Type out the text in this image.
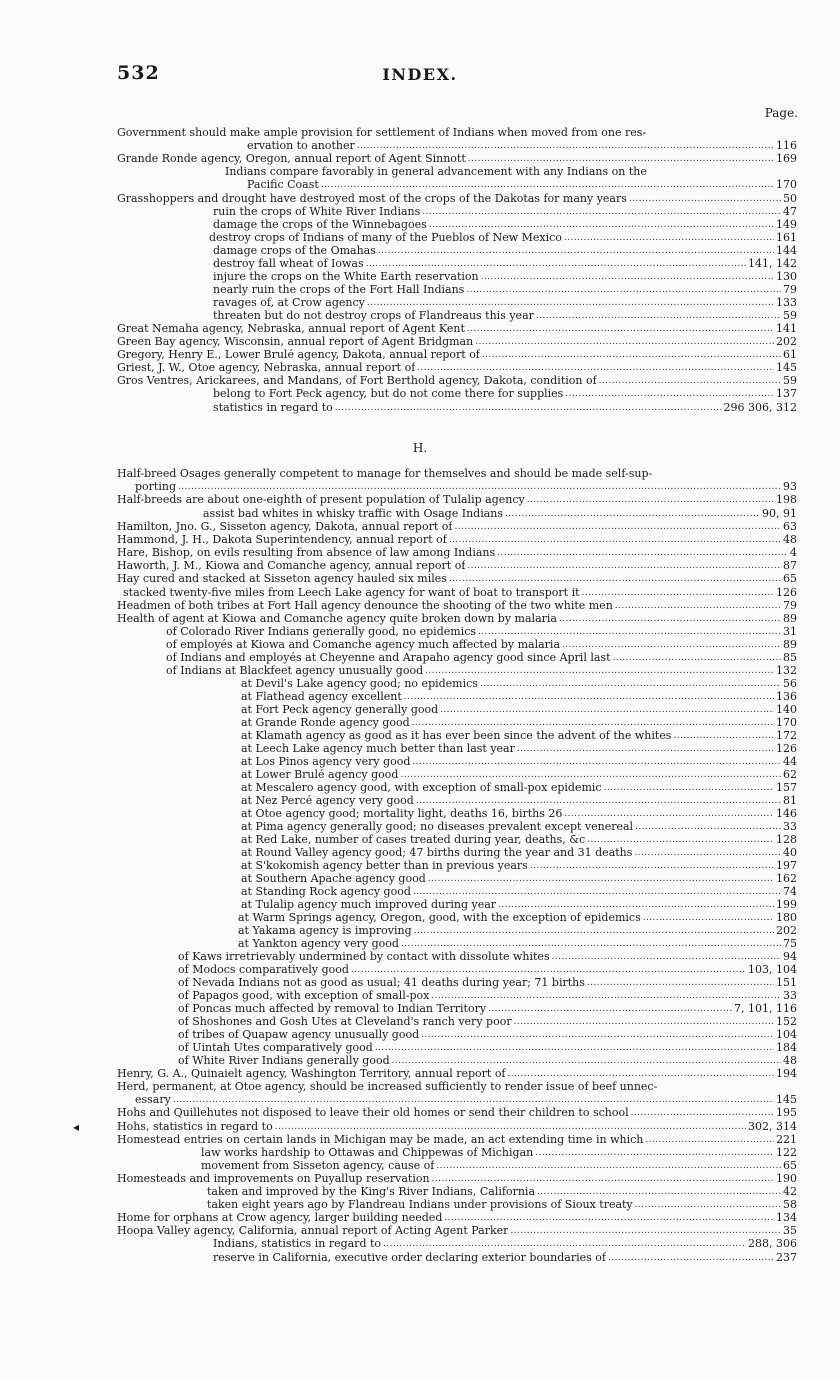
532	INDEX.
Page.
H.
◂
Government should make ample provision for settlement of Indians when moved from one res-
ervation to another .....	116
Grande Ronde agency, Oregon, annual report of Agent Sinnott .....	169
Indians compare favorably in general advancement with any Indians on the
Pacific Coast .....	170
Grasshoppers and drought have destroyed most of the crops of the Dakotas for many years .....	50
ruin the crops of White River Indians .....	47
damage the crops of the Winnebagoes .....	149
destroy crops of Indians of many of the Pueblos of New Mexico .....	161
damage crops of the Omahas .....	144
destroy fall wheat of Iowas .....	141, 142
injure the crops on the White Earth reservation .....	130
nearly ruin the crops of the Fort Hall Indians .....	79
ravages of, at Crow agency .....	133
threaten but do not destroy crops of Flandreaus this year .....	59
Great Nemaha agency, Nebraska, annual report of Agent Kent .....	141
Green Bay agency, Wisconsin, annual report of Agent Bridgman .....	202
Gregory, Henry E., Lower Brulé agency, Dakota, annual report of .....	61
Griest, J. W., Otoe agency, Nebraska, annual report of .....	145
Gros Ventres, Arickarees, and Mandans, of Fort Berthold agency, Dakota, condition of .....	59
belong to Fort Peck agency, but do not come there for supplies .....	137
statistics in regard to .....	296 306, 312
Half-breed Osages generally competent to manage for themselves and should be made self-sup-
porting .....	93
Half-breeds are about one-eighth of present population of Tulalip agency .....	198
assist bad whites in whisky traffic with Osage Indians .....	90, 91
Hamilton, Jno. G., Sisseton agency, Dakota, annual report of .....	63
Hammond, J. H., Dakota Superintendency, annual report of .....	48
Hare, Bishop, on evils resulting from absence of law among Indians .....	4
Haworth, J. M., Kiowa and Comanche agency, annual report of .....	87
Hay cured and stacked at Sisseton agency hauled six miles .....	65
stacked twenty-five miles from Leech Lake agency for want of boat to transport it .....	126
Headmen of both tribes at Fort Hall agency denounce the shooting of the two white men .....	79
Health of agent at Kiowa and Comanche agency quite broken down by malaria .....	89
of Colorado River Indians generally good, no epidemics .....	31
of employés at Kiowa and Comanche agency much affected by malaria .....	89
of Indians and employés at Cheyenne and Arapaho agency good since April last .....	85
of Indians at Blackfeet agency unusually good .....	132
at Devil's Lake agency good; no epidemics .....	56
at Flathead agency excellent .....	136
at Fort Peck agency generally good .....	140
at Grande Ronde agency good .....	170
at Klamath agency as good as it has ever been since the advent of the whites .....	172
at Leech Lake agency much better than last year .....	126
at Los Pinos agency very good .....	44
at Lower Brulé agency good .....	62
at Mescalero agency good, with exception of small-pox epidemic .....	157
at Nez Percé agency very good .....	81
at Otoe agency good; mortality light, deaths 16, births 26 .....	146
at Pima agency generally good; no diseases prevalent except venereal .....	33
at Red Lake, number of cases treated during year, deaths, &c .....	128
at Round Valley agency good; 47 births during the year and 31 deaths .....	40
at S'kokomish agency better than in previous years .....	197
at Southern Apache agency good .....	162
at Standing Rock agency good .....	74
at Tulalip agency much improved during year .....	199
at Warm Springs agency, Oregon, good, with the exception of epidemics .....	180
at Yakama agency is improving .....	202
at Yankton agency very good .....	75
of Kaws irretrievably undermined by contact with dissolute whites .....	94
of Modocs comparatively good .....	103, 104
of Nevada Indians not as good as usual; 41 deaths during year; 71 births .....	151
of Papagos good, with exception of small-pox .....	33
of Poncas much affected by removal to Indian Territory .....	7, 101, 116
of Shoshones and Gosh Utes at Cleveland's ranch very poor .....	152
of tribes of Quapaw agency unusually good .....	104
of Uintah Utes comparatively good .....	184
of White River Indians generally good .....	48
Henry, G. A., Quinaielt agency, Washington Territory, annual report of .....	194
Herd, permanent, at Otoe agency, should be increased sufficiently to render issue of beef unnec-
essary .....	145
Hohs and Quillehutes not disposed to leave their old homes or send their children to school .....	195
Hohs, statistics in regard to .....	302, 314
Homestead entries on certain lands in Michigan may be made, an act extending time in which .....	221
law works hardship to Ottawas and Chippewas of Michigan .....	122
movement from Sisseton agency, cause of .....	65
Homesteads and improvements on Puyallup reservation .....	190
taken and improved by the King's River Indians, California .....	42
taken eight years ago by Flandreau Indians under provisions of Sioux treaty .....	58
Home for orphans at Crow agency, larger building needed .....	134
Hoopa Valley agency, California, annual report of Acting Agent Parker .....	35
Indians, statistics in regard to .....	288, 306
reserve in California, executive order declaring exterior boundaries of .....	237
